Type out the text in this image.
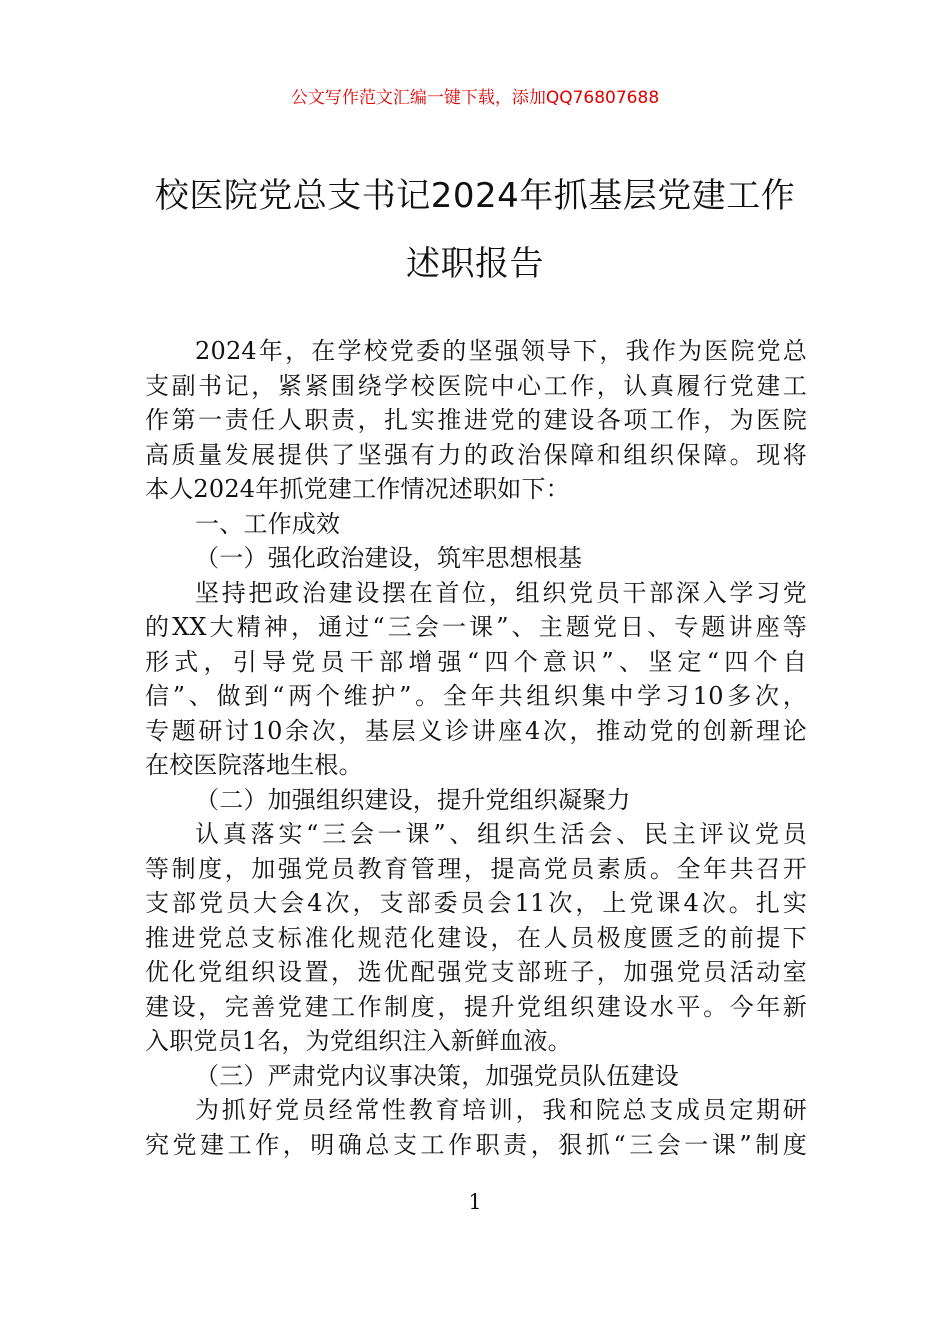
公文写作范文汇编一键下载，添加QQ76807688
校医院党总支书记2024年抓基层党建工作
述职报告
2024年，在学校党委的坚强领导下，我作为医院党总
支副书记，紧紧围绕学校医院中心工作，认真履行党建工
作第一责任人职责，扎实推进党的建设各项工作，为医院
高质量发展提供了坚强有力的政治保障和组织保障。现将
本人2024年抓党建工作情况述职如下：
一、工作成效
（一）强化政治建设，筑牢思想根基
坚持把政治建设摆在首位，组织党员干部深入学习党
的XX大精神，通过“三会一课”、主题党日、专题讲座等
形式，引导党员干部增强“四个意识”、坚定“四个自
信”、做到“两个维护”。全年共组织集中学习10多次，
专题研讨10余次，基层义诊讲座4次，推动党的创新理论
在校医院落地生根。
（二）加强组织建设，提升党组织凝聚力
认真落实“三会一课”、组织生活会、民主评议党员
等制度，加强党员教育管理，提高党员素质。全年共召开
支部党员大会4次，支部委员会11次，上党课4次。扎实
推进党总支标准化规范化建设，在人员极度匮乏的前提下
优化党组织设置，选优配强党支部班子，加强党员活动室
建设，完善党建工作制度，提升党组织建设水平。今年新
入职党员1名，为党组织注入新鲜血液。
（三）严肃党内议事决策，加强党员队伍建设
为抓好党员经常性教育培训，我和院总支成员定期研
究党建工作，明确总支工作职责，狠抓“三会一课”制度
1
